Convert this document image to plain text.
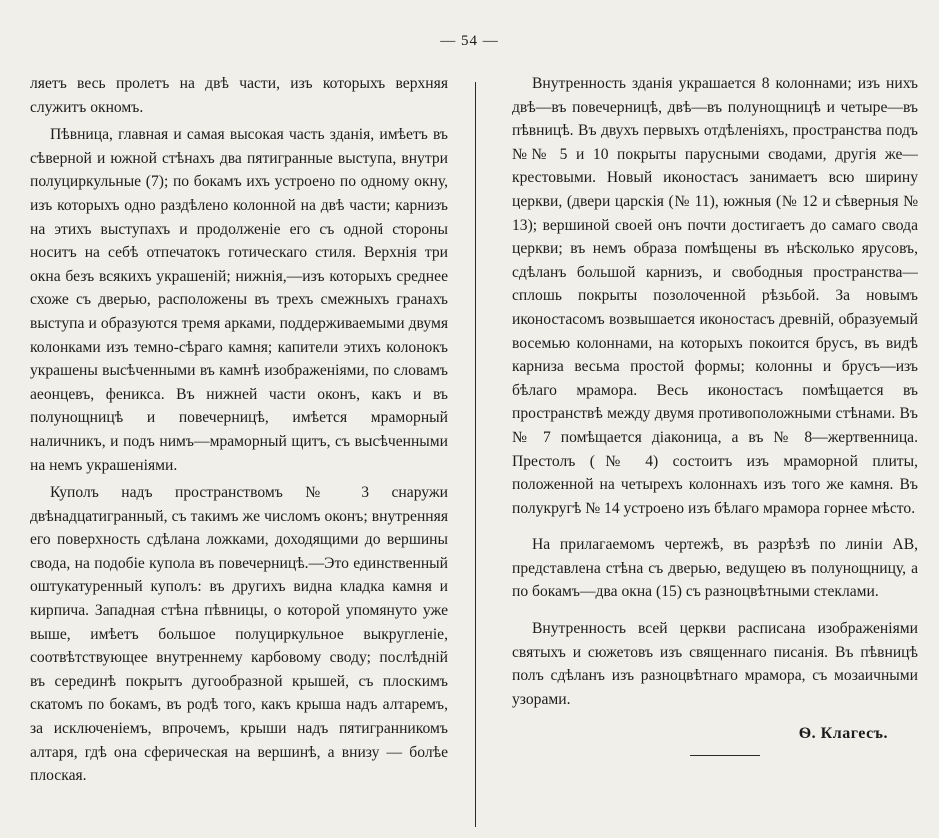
— 54 —

ляетъ весь пролетъ на двѣ части, изъ которыхъ верхняя служитъ окномъ.

Пѣвница, главная и самая высокая часть зданія, имѣетъ въ сѣверной и южной стѣнахъ два пятигранные выступа, внутри полуциркульные (7); по бокамъ ихъ устроено по одному окну, изъ которыхъ одно раздѣлено колонной на двѣ части; карнизъ на этихъ выступахъ и продолженіе его съ одной стороны носитъ на себѣ отпечатокъ готическаго стиля. Верхнія три окна безъ всякихъ украшеній; нижнія,—изъ которыхъ среднее схоже съ дверью, расположены въ трехъ смежныхъ гранахъ выступа и образуются тремя арками, поддерживаемыми двумя колонками изъ темно-сѣраго камня; капители этихъ колонокъ украшены высѣченными въ камнѣ изображеніями, по словамъ аеонцевъ, феникса. Въ нижней части оконъ, какъ и въ полунощницѣ и повечерницѣ, имѣется мраморный наличникъ, и подъ нимъ—мраморный щитъ, съ высѣченными на немъ украшеніями.

Куполъ надъ пространствомъ № 3 снаружи двѣнадцатигранный, съ такимъ же числомъ оконъ; внутренняя его поверхность сдѣлана ложками, доходящими до вершины свода, на подобіе купола въ повечерницѣ.—Это единственный оштукатуренный куполъ: въ другихъ видна кладка камня и кирпича. Западная стѣна пѣвницы, о которой упомянуто уже выше, имѣетъ большое полуциркульное выкругленіе, соотвѣтствующее внутреннему карбовому своду; послѣдній въ серединѣ покрытъ дугообразной крышей, съ плоскимъ скатомъ по бокамъ, въ родѣ того, какъ крыша надъ алтаремъ, за исключеніемъ, впрочемъ, крыши надъ пятигранникомъ алтаря, гдѣ она сферическая на вершинѣ, а внизу — болѣе плоская.

Внутренность зданія украшается 8 колоннами; изъ нихъ двѣ—въ повечерницѣ, двѣ—въ полунощницѣ и четыре—въ пѣвницѣ. Въ двухъ первыхъ отдѣленіяхъ, пространства подъ №№ 5 и 10 покрыты парусными сводами, другія же—крестовыми. Новый иконостасъ занимаетъ всю ширину церкви, (двери царскія (№ 11), южныя (№ 12 и сѣверныя № 13); вершиной своей онъ почти достигаетъ до самаго свода церкви; въ немъ образа помѣщены въ нѣсколько ярусовъ, сдѣланъ большой карнизъ, и свободныя пространства—сплошь покрыты позолоченной рѣзьбой. За новымъ иконостасомъ возвышается иконостасъ древній, образуемый восемью колоннами, на которыхъ покоится брусъ, въ видѣ карниза весьма простой формы; колонны и брусъ—изъ бѣлаго мрамора. Весь иконостасъ помѣщается въ пространствѣ между двумя противоположными стѣнами. Въ № 7 помѣщается діаконица, а въ № 8—жертвенница. Престолъ (№ 4) состоитъ изъ мраморной плиты, положенной на четырехъ колоннахъ изъ того же камня. Въ полукругѣ № 14 устроено изъ бѣлаго мрамора горнее мѣсто.

На прилагаемомъ чертежѣ, въ разрѣзѣ по линіи АВ, представлена стѣна съ дверью, ведущею въ полунощницу, а по бокамъ—два окна (15) съ разноцвѣтными стеклами.

Внутренность всей церкви расписана изображеніями святыхъ и сюжетовъ изъ священнаго писанія. Въ пѣвницѣ полъ сдѣланъ изъ разноцвѣтнаго мрамора, съ мозаичными узорами.

Ѳ. Клагесъ.
